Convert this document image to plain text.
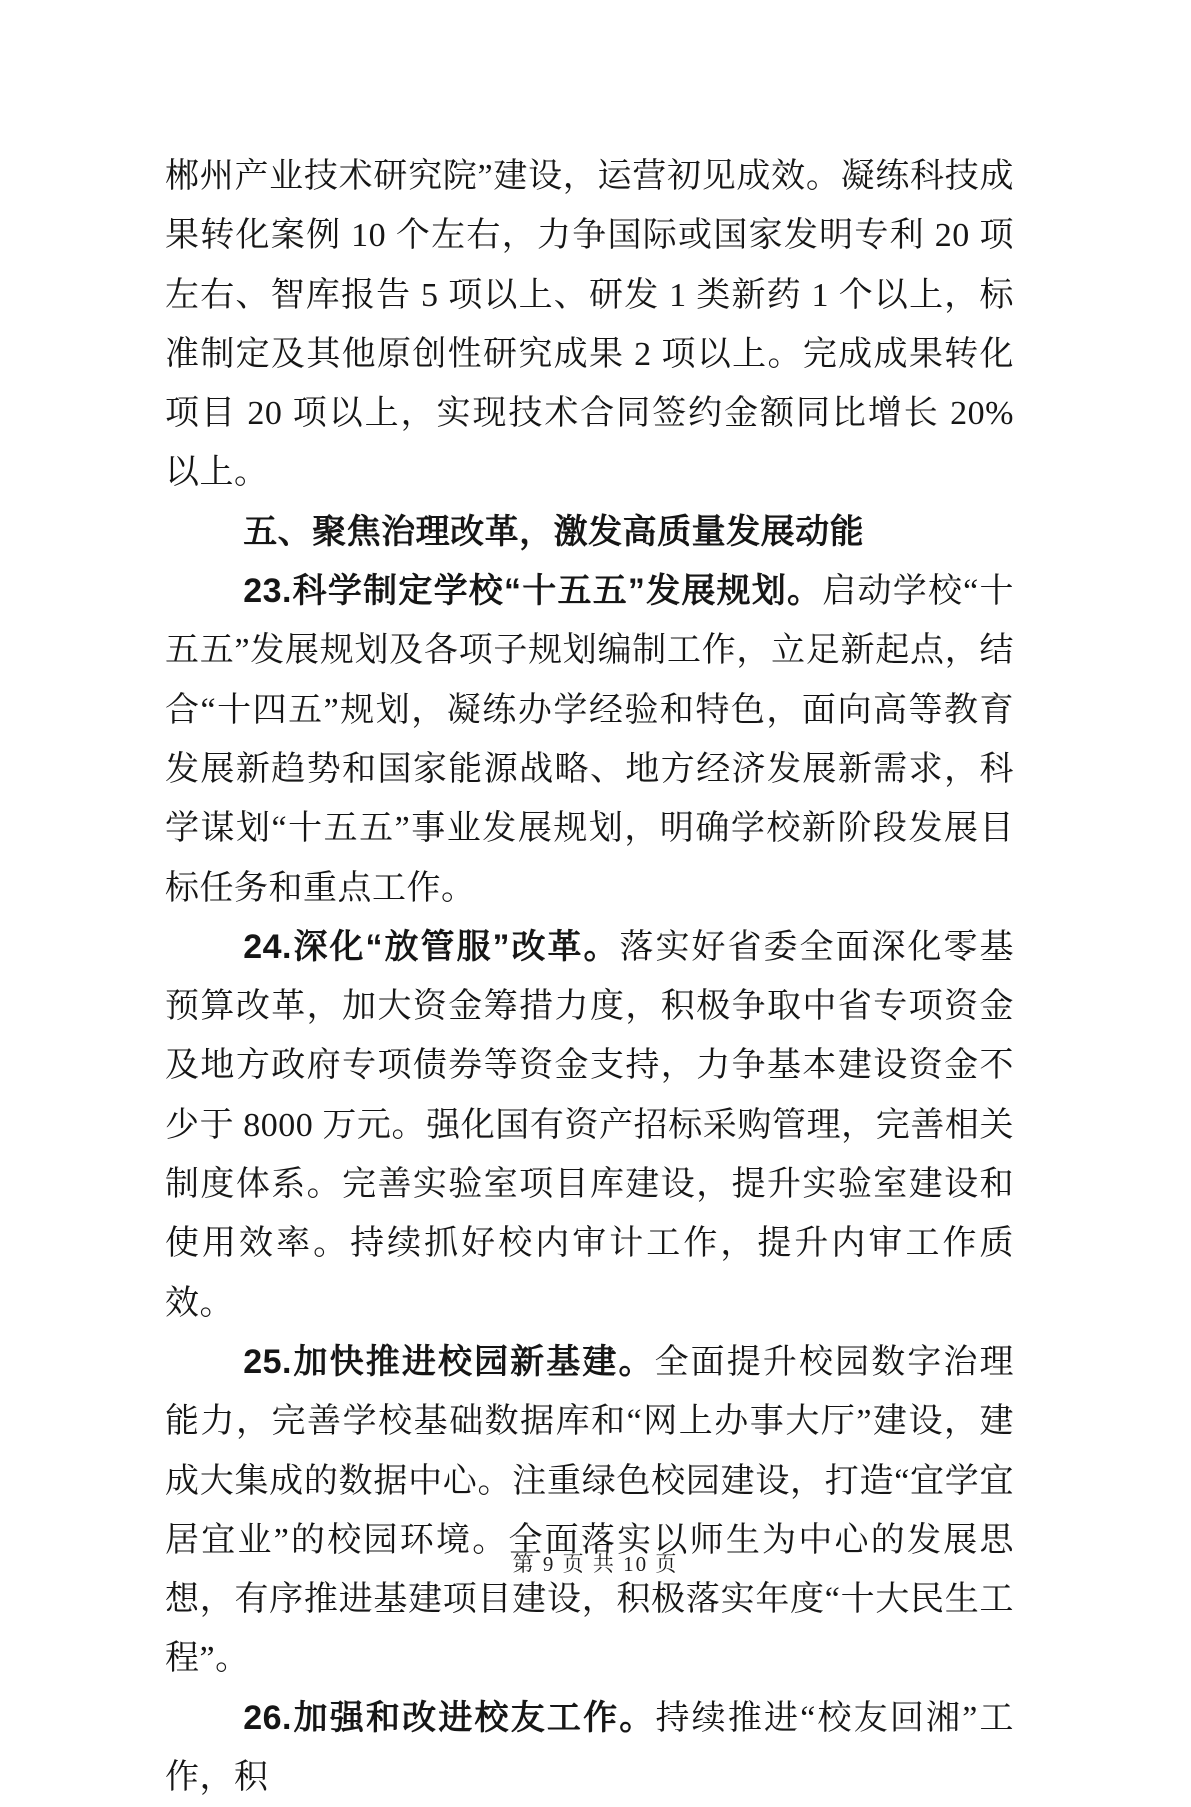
郴州产业技术研究院”建设，运营初见成效。凝练科技成果转化案例 10 个左右，力争国际或国家发明专利 20 项左右、智库报告 5 项以上、研发 1 类新药 1 个以上，标准制定及其他原创性研究成果 2 项以上。完成成果转化项目 20 项以上，实现技术合同签约金额同比增长 20%以上。

五、聚焦治理改革，激发高质量发展动能

23.科学制定学校“十五五”发展规划。启动学校“十五五”发展规划及各项子规划编制工作，立足新起点，结合“十四五”规划，凝练办学经验和特色，面向高等教育发展新趋势和国家能源战略、地方经济发展新需求，科学谋划“十五五”事业发展规划，明确学校新阶段发展目标任务和重点工作。

24.深化“放管服”改革。落实好省委全面深化零基预算改革，加大资金筹措力度，积极争取中省专项资金及地方政府专项债券等资金支持，力争基本建设资金不少于 8000 万元。强化国有资产招标采购管理，完善相关制度体系。完善实验室项目库建设，提升实验室建设和使用效率。持续抓好校内审计工作，提升内审工作质效。

25.加快推进校园新基建。全面提升校园数字治理能力，完善学校基础数据库和“网上办事大厅”建设，建成大集成的数据中心。注重绿色校园建设，打造“宜学宜居宜业”的校园环境。全面落实以师生为中心的发展思想，有序推进基建项目建设，积极落实年度“十大民生工程”。

26.加强和改进校友工作。持续推进“校友回湘”工作，积

第 9 页 共 10 页
